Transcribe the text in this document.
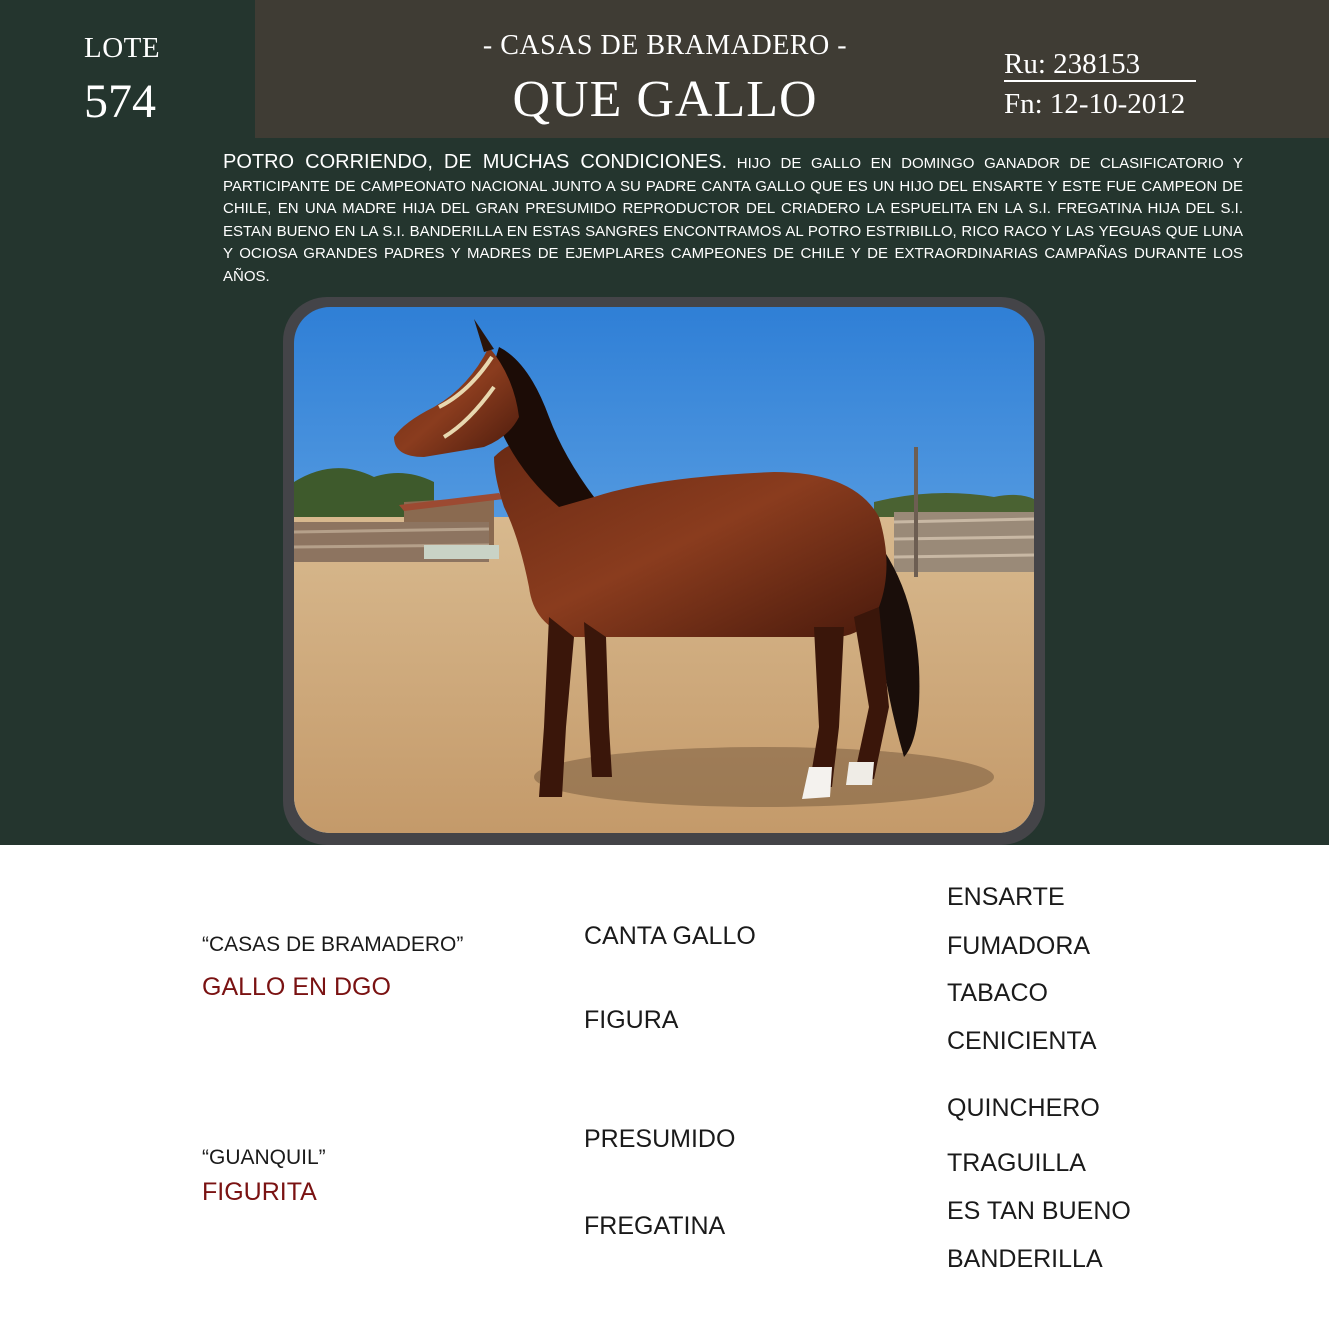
LOTE
574
- CASAS DE BRAMADERO -
QUE GALLO
Ru: 238153
Fn: 12-10-2012
POTRO CORRIENDO, DE MUCHAS CONDICIONES. HIJO DE GALLO EN DOMINGO GANADOR DE CLASIFICATORIO Y PARTICIPANTE DE CAMPEONATO NACIONAL JUNTO A SU PADRE CANTA GALLO QUE ES UN HIJO DEL ENSARTE Y ESTE FUE CAMPEON DE CHILE, EN UNA MADRE HIJA DEL GRAN PRESUMIDO REPRODUCTOR DEL CRIADERO LA ESPUELITA EN LA S.I. FREGATINA HIJA DEL S.I. ESTAN BUENO EN LA S.I. BANDERILLA EN ESTAS SANGRES ENCONTRAMOS AL POTRO ESTRIBILLO, RICO RACO Y LAS YEGUAS QUE LUNA Y OCIOSA GRANDES PADRES Y MADRES DE EJEMPLARES CAMPEONES DE CHILE Y DE EXTRAORDINARIAS CAMPAÑAS DURANTE LOS AÑOS.
“CASAS DE BRAMADERO”
GALLO EN DGO
“GUANQUIL”
FIGURITA
CANTA GALLO
FIGURA
PRESUMIDO
FREGATINA
ENSARTE
FUMADORA
TABACO
CENICIENTA
QUINCHERO
TRAGUILLA
ES TAN BUENO
BANDERILLA
